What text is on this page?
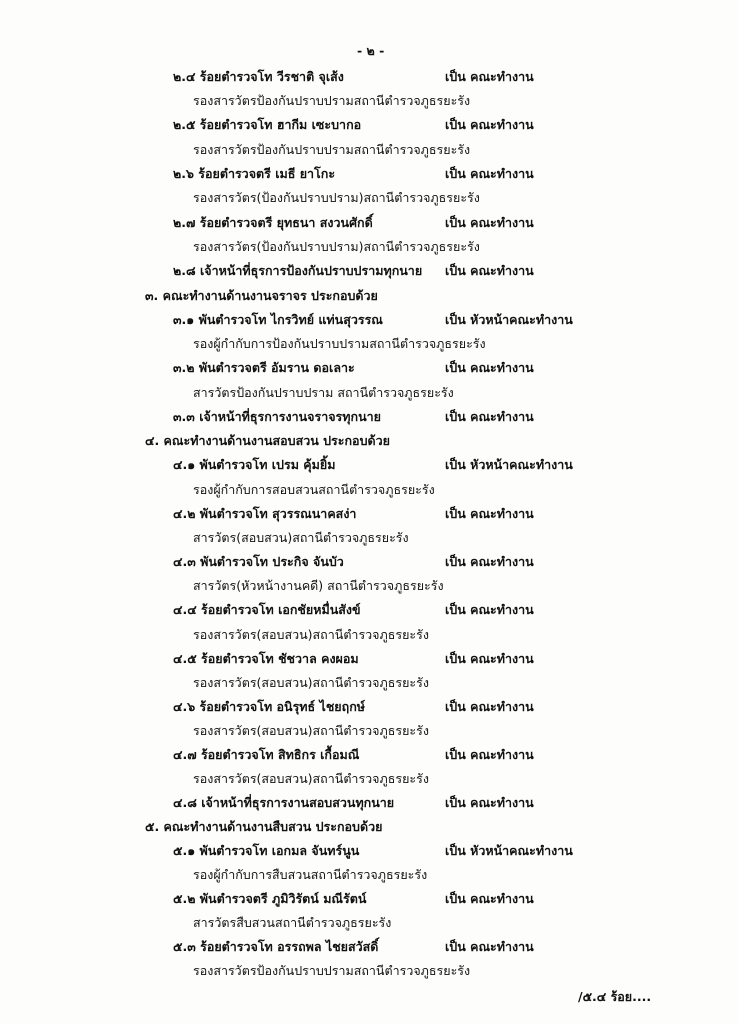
- ๒ -
๒.๔ ร้อยตำรวจโท วีรชาติ จุเส้ง	เป็น คณะทำงาน
รองสารวัตรป้องกันปราบปรามสถานีตำรวจภูธรยะรัง
๒.๕ ร้อยตำรวจโท ฮากีม เซะบากอ	เป็น คณะทำงาน
รองสารวัตรป้องกันปราบปรามสถานีตำรวจภูธรยะรัง
๒.๖ ร้อยตำรวจตรี เมธี ยาโกะ	เป็น คณะทำงาน
รองสารวัตร(ป้องกันปราบปราม)สถานีตำรวจภูธรยะรัง
๒.๗ ร้อยตำรวจตรี ยุทธนา สงวนศักดิ์	เป็น คณะทำงาน
รองสารวัตร(ป้องกันปราบปราม)สถานีตำรวจภูธรยะรัง
๒.๘ เจ้าหน้าที่ธุรการป้องกันปราบปรามทุกนาย เป็น คณะทำงาน
๓. คณะทำงานด้านงานจราจร ประกอบด้วย
๓.๑ พันตำรวจโท ไกรวิทย์ แท่นสุวรรณ	เป็น หัวหน้าคณะทำงาน
รองผู้กำกับการป้องกันปราบปรามสถานีตำรวจภูธรยะรัง
๓.๒ พันตำรวจตรี อัมราน ดอเลาะ	เป็น คณะทำงาน
สารวัตรป้องกันปราบปราม สถานีตำรวจภูธรยะรัง
๓.๓ เจ้าหน้าที่ธุรการงานจราจรทุกนาย	เป็น คณะทำงาน
๔. คณะทำงานด้านงานสอบสวน ประกอบด้วย
๔.๑ พันตำรวจโท เปรม คุ้มยิ้ม	เป็น หัวหน้าคณะทำงาน
รองผู้กำกับการสอบสวนสถานีตำรวจภูธรยะรัง
๔.๒ พันตำรวจโท สุวรรณนาคสง่า	เป็น คณะทำงาน
สารวัตร(สอบสวน)สถานีตำรวจภูธรยะรัง
๔.๓ พันตำรวจโท ประกิจ จันบัว	เป็น คณะทำงาน
สารวัตร(หัวหน้างานคดี) สถานีตำรวจภูธรยะรัง
๔.๔ ร้อยตำรวจโท เอกชัยหมื่นสังข์	เป็น คณะทำงาน
รองสารวัตร(สอบสวน)สถานีตำรวจภูธรยะรัง
๔.๕ ร้อยตำรวจโท ชัชวาล คงผอม	เป็น คณะทำงาน
รองสารวัตร(สอบสวน)สถานีตำรวจภูธรยะรัง
๔.๖ ร้อยตำรวจโท อนิรุทธ์ ไชยฤกษ์	เป็น คณะทำงาน
รองสารวัตร(สอบสวน)สถานีตำรวจภูธรยะรัง
๔.๗ ร้อยตำรวจโท สิทธิกร เกื้อมณี	เป็น คณะทำงาน
รองสารวัตร(สอบสวน)สถานีตำรวจภูธรยะรัง
๔.๘ เจ้าหน้าที่ธุรการงานสอบสวนทุกนาย	เป็น คณะทำงาน
๕. คณะทำงานด้านงานสืบสวน ประกอบด้วย
๕.๑ พันตำรวจโท เอกมล จันทร์นูน	เป็น หัวหน้าคณะทำงาน
รองผู้กำกับการสืบสวนสถานีตำรวจภูธรยะรัง
๕.๒ พันตำรวจตรี ภูมิวิรัตน์ มณีรัตน์	เป็น คณะทำงาน
สารวัตรสืบสวนสถานีตำรวจภูธรยะรัง
๕.๓ ร้อยตำรวจโท อรรถพล ไชยสวัสดิ์	เป็น คณะทำงาน
รองสารวัตรป้องกันปราบปรามสถานีตำรวจภูธรยะรัง
/๕.๔ ร้อย....
